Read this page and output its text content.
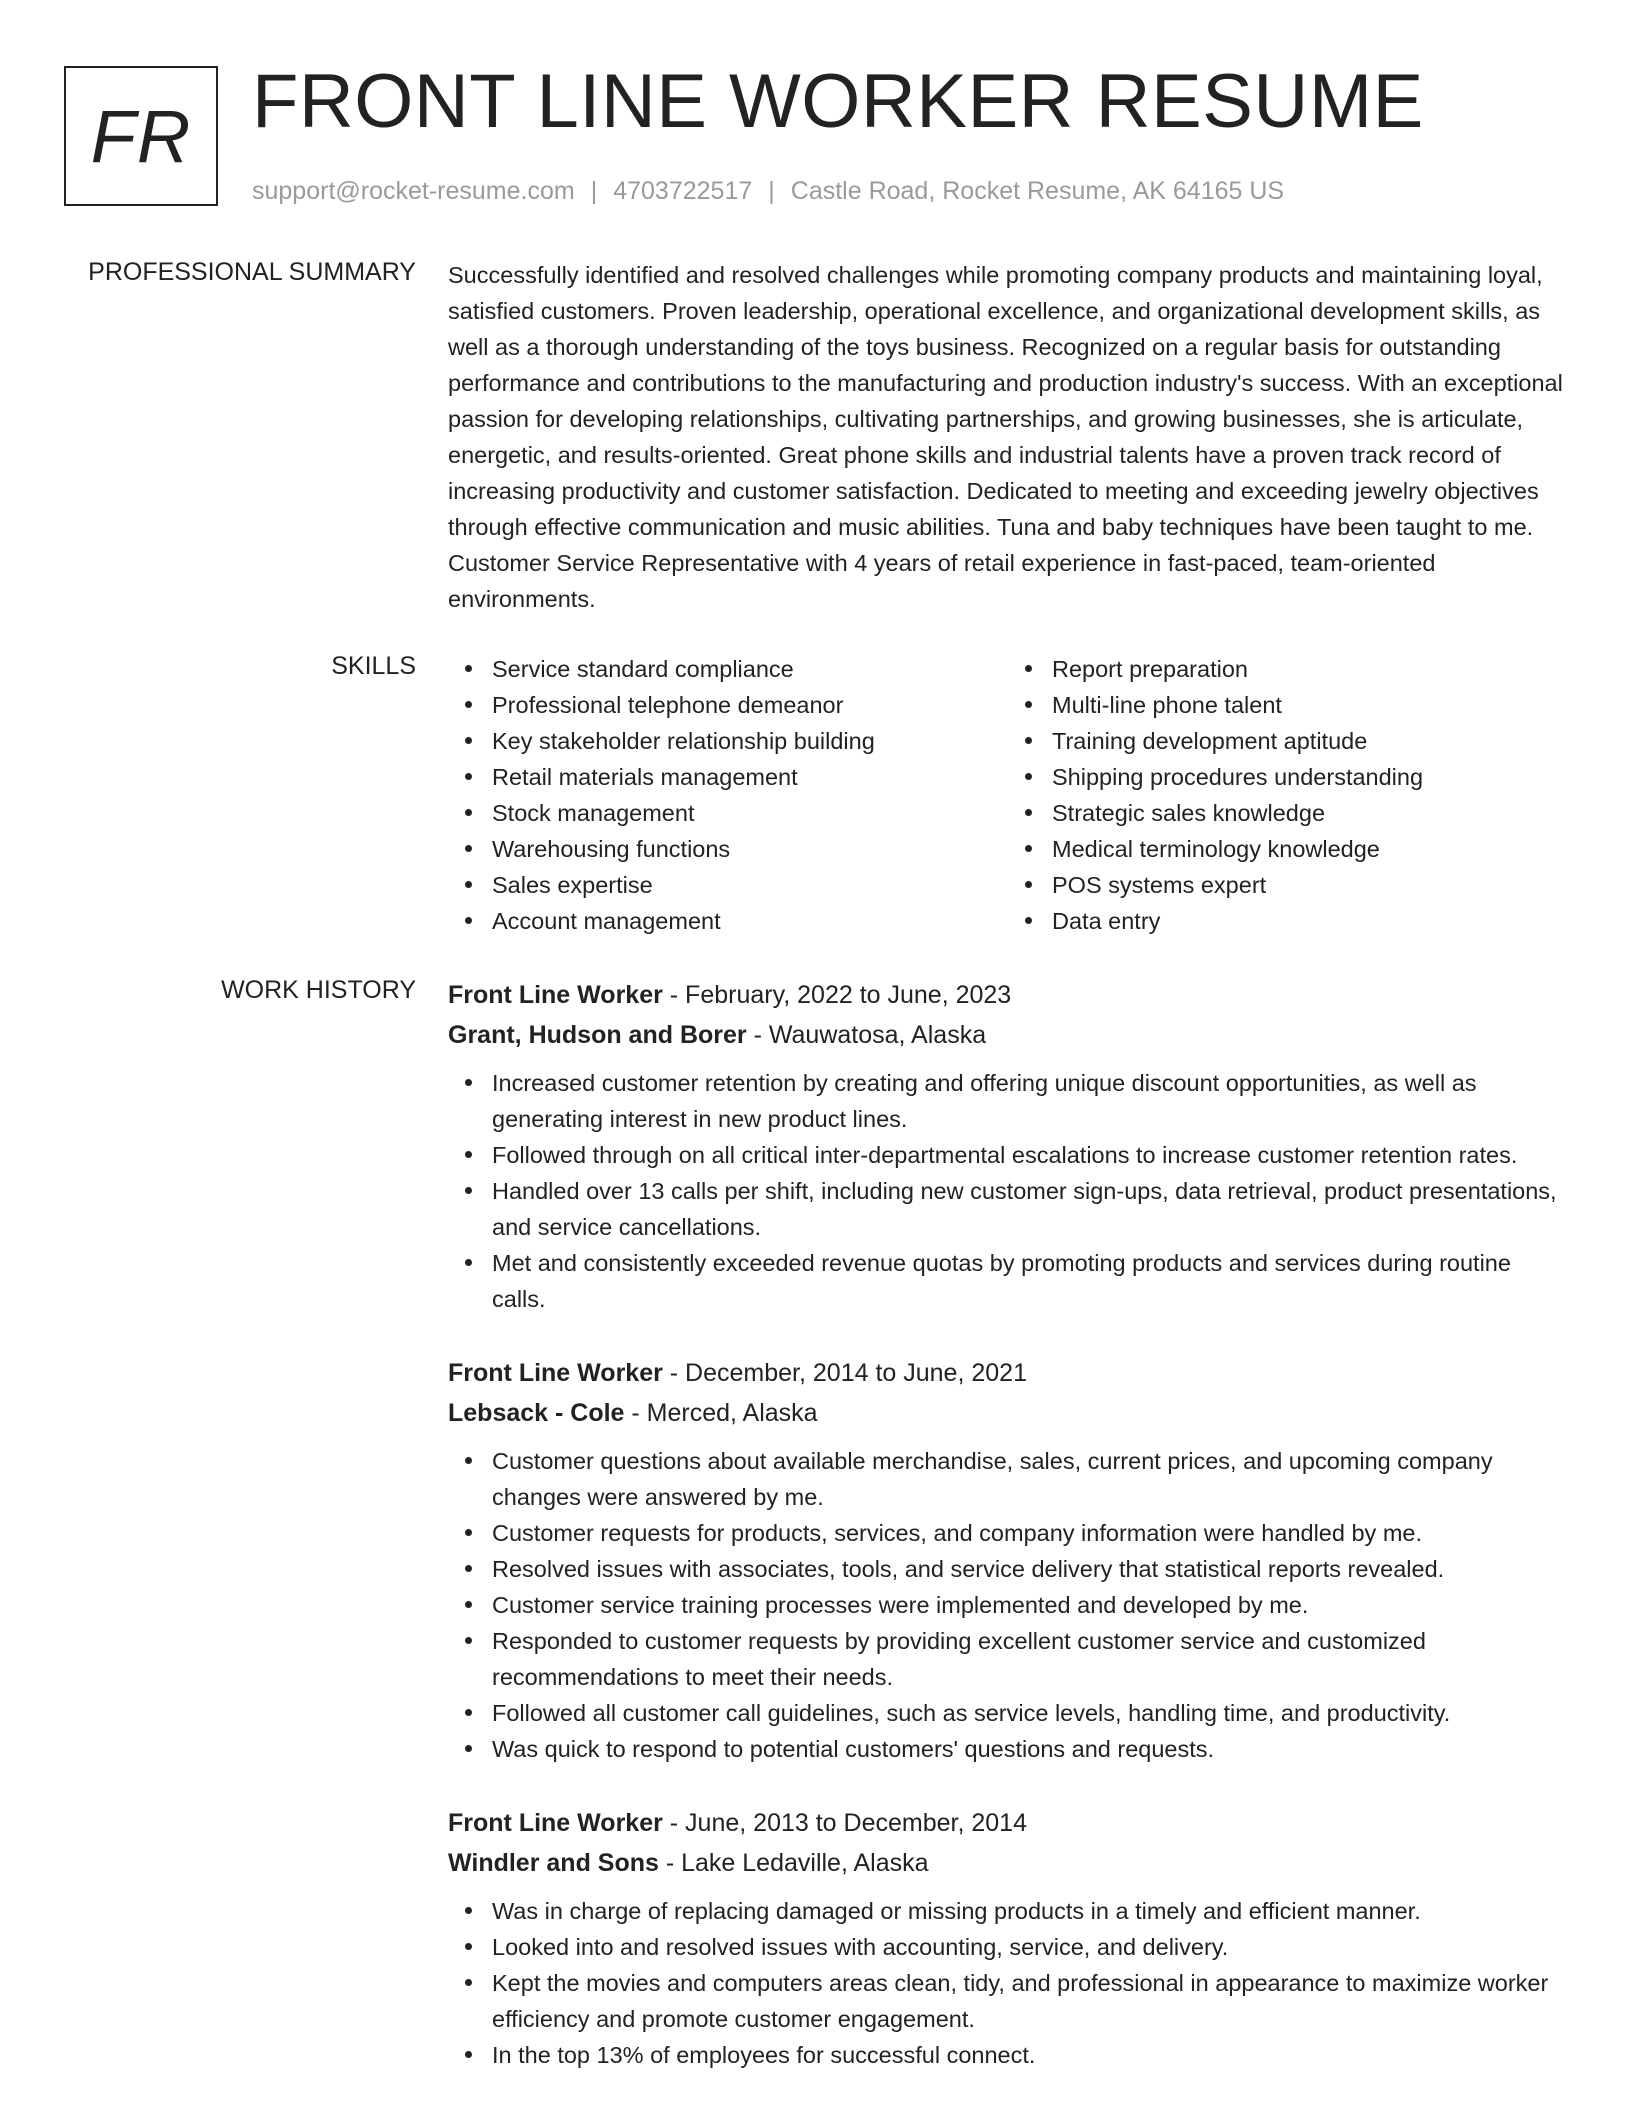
FR FRONT LINE WORKER RESUME
support@rocket-resume.com | 4703722517 | Castle Road, Rocket Resume, AK 64165 US
PROFESSIONAL SUMMARY Successfully identified and resolved challenges while promoting company products and maintaining loyal, satisfied customers. Proven leadership, operational excellence, and organizational development skills, as well as a thorough understanding of the toys business. Recognized on a regular basis for outstanding performance and contributions to the manufacturing and production industry's success. With an exceptional passion for developing relationships, cultivating partnerships, and growing businesses, she is articulate, energetic, and results-oriented. Great phone skills and industrial talents have a proven track record of increasing productivity and customer satisfaction. Dedicated to meeting and exceeding jewelry objectives through effective communication and music abilities. Tuna and baby techniques have been taught to me. Customer Service Representative with 4 years of retail experience in fast-paced, team-oriented environments.

SKILLS	Service standard compliance
Professional telephone demeanor
Key stakeholder relationship building
Retail materials management
Stock management
Warehousing functions
Sales expertise
Account management
Report preparation
Multi-line phone talent
Training development aptitude
Shipping procedures understanding
Strategic sales knowledge
Medical terminology knowledge
POS systems expert
Data entry
WORK HISTORY Front Line Worker - February, 2022 to June, 2023
Grant, Hudson and Borer - Wauwatosa, Alaska
Increased customer retention by creating and offering unique discount opportunities, as well as generating interest in new product lines.
Followed through on all critical inter-departmental escalations to increase customer retention rates.
Handled over 13 calls per shift, including new customer sign-ups, data retrieval, product presentations, and service cancellations.
Met and consistently exceeded revenue quotas by promoting products and services during routine calls.
Front Line Worker - December, 2014 to June, 2021
Lebsack - Cole - Merced, Alaska
Customer questions about available merchandise, sales, current prices, and upcoming company changes were answered by me.
Customer requests for products, services, and company information were handled by me.
Resolved issues with associates, tools, and service delivery that statistical reports revealed.
Customer service training processes were implemented and developed by me.
Responded to customer requests by providing excellent customer service and customized recommendations to meet their needs.
Followed all customer call guidelines, such as service levels, handling time, and productivity.
Was quick to respond to potential customers' questions and requests.
Front Line Worker - June, 2013 to December, 2014
Windler and Sons - Lake Ledaville, Alaska
Was in charge of replacing damaged or missing products in a timely and efficient manner.
Looked into and resolved issues with accounting, service, and delivery.
Kept the movies and computers areas clean, tidy, and professional in appearance to maximize worker efficiency and promote customer engagement.
In the top 13% of employees for successful connect.
